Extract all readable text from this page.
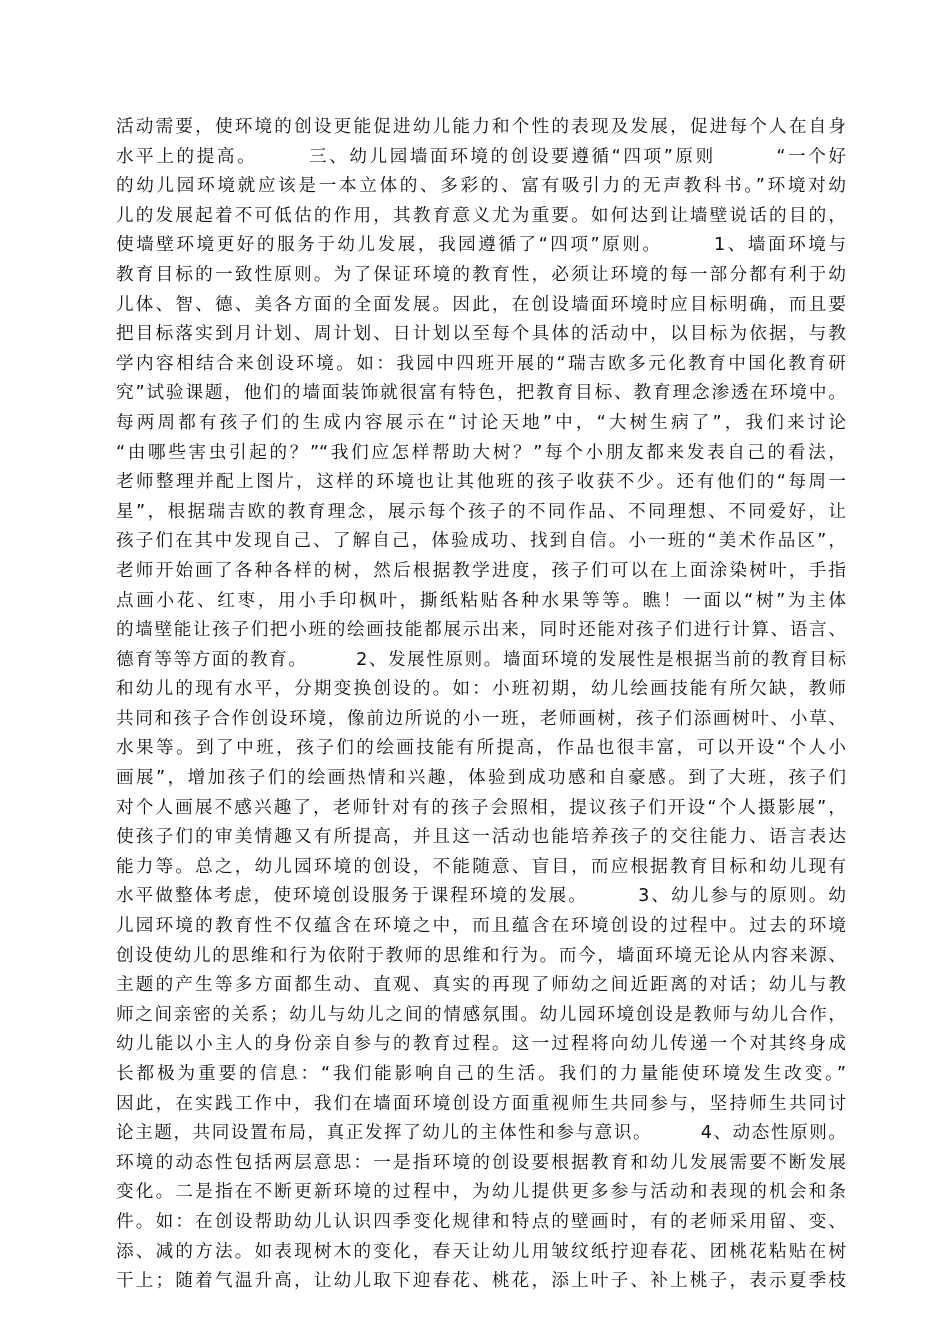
活动需要，使环境的创设更能促进幼儿能力和个性的表现及发展，促进每个人在自身
水平上的提高。　　　三、幼儿园墙面环境的创设要遵循“四项”原则　　　“一个好
的幼儿园环境就应该是一本立体的、多彩的、富有吸引力的无声教科书。”环境对幼
儿的发展起着不可低估的作用，其教育意义尤为重要。如何达到让墙壁说话的目的，
使墙壁环境更好的服务于幼儿发展，我园遵循了“四项”原则。　　　1、墙面环境与
教育目标的一致性原则。为了保证环境的教育性，必须让环境的每一部分都有利于幼
儿体、智、德、美各方面的全面发展。因此，在创设墙面环境时应目标明确，而且要
把目标落实到月计划、周计划、日计划以至每个具体的活动中，以目标为依据，与教
学内容相结合来创设环境。如：我园中四班开展的“瑞吉欧多元化教育中国化教育研
究”试验课题，他们的墙面装饰就很富有特色，把教育目标、教育理念渗透在环境中。
每两周都有孩子们的生成内容展示在“讨论天地”中，“大树生病了”，我们来讨论
“由哪些害虫引起的？”“我们应怎样帮助大树？”每个小朋友都来发表自己的看法，
老师整理并配上图片，这样的环境也让其他班的孩子收获不少。还有他们的“每周一
星”，根据瑞吉欧的教育理念，展示每个孩子的不同作品、不同理想、不同爱好，让
孩子们在其中发现自己、了解自己，体验成功、找到自信。小一班的“美术作品区”，
老师开始画了各种各样的树，然后根据教学进度，孩子们可以在上面涂染树叶，手指
点画小花、红枣，用小手印枫叶，撕纸粘贴各种水果等等。瞧！一面以“树”为主体
的墙壁能让孩子们把小班的绘画技能都展示出来，同时还能对孩子们进行计算、语言、
德育等等方面的教育。　　　2、发展性原则。墙面环境的发展性是根据当前的教育目标
和幼儿的现有水平，分期变换创设的。如：小班初期，幼儿绘画技能有所欠缺，教师
共同和孩子合作创设环境，像前边所说的小一班，老师画树，孩子们添画树叶、小草、
水果等。到了中班，孩子们的绘画技能有所提高，作品也很丰富，可以开设“个人小
画展”，增加孩子们的绘画热情和兴趣，体验到成功感和自豪感。到了大班，孩子们
对个人画展不感兴趣了，老师针对有的孩子会照相，提议孩子们开设“个人摄影展”，
使孩子们的审美情趣又有所提高，并且这一活动也能培养孩子的交往能力、语言表达
能力等。总之，幼儿园环境的创设，不能随意、盲目，而应根据教育目标和幼儿现有
水平做整体考虑，使环境创设服务于课程环境的发展。　　　3、幼儿参与的原则。幼
儿园环境的教育性不仅蕴含在环境之中，而且蕴含在环境创设的过程中。过去的环境
创设使幼儿的思维和行为依附于教师的思维和行为。而今，墙面环境无论从内容来源、
主题的产生等多方面都生动、直观、真实的再现了师幼之间近距离的对话；幼儿与教
师之间亲密的关系；幼儿与幼儿之间的情感氛围。幼儿园环境创设是教师与幼儿合作，
幼儿能以小主人的身份亲自参与的教育过程。这一过程将向幼儿传递一个对其终身成
长都极为重要的信息：“我们能影响自己的生活。我们的力量能使环境发生改变。”
因此，在实践工作中，我们在墙面环境创设方面重视师生共同参与，坚持师生共同讨
论主题，共同设置布局，真正发挥了幼儿的主体性和参与意识。　　　4、动态性原则。
环境的动态性包括两层意思：一是指环境的创设要根据教育和幼儿发展需要不断发展
变化。二是指在不断更新环境的过程中，为幼儿提供更多参与活动和表现的机会和条
件。如：在创设帮助幼儿认识四季变化规律和特点的壁画时，有的老师采用留、变、
添、减的方法。如表现树木的变化，春天让幼儿用皱纹纸拧迎春花、团桃花粘贴在树
干上；随着气温升高，让幼儿取下迎春花、桃花，添上叶子、补上桃子，表示夏季枝
